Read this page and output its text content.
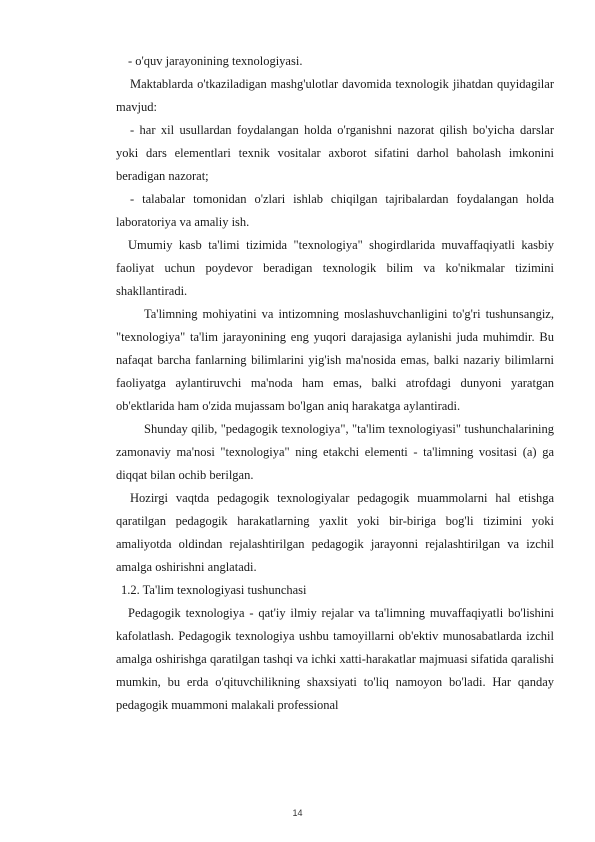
- o'quv jarayonining texnologiyasi.

Maktablarda o'tkaziladigan mashg'ulotlar davomida texnologik jihatdan quyidagilar mavjud:

- har xil usullardan foydalangan holda o'rganishni nazorat qilish bo'yicha darslar yoki dars elementlari texnik vositalar axborot sifatini darhol baholash imkonini beradigan nazorat;

- talabalar tomonidan o'zlari ishlab chiqilgan tajribalardan foydalangan holda laboratoriya va amaliy ish.

Umumiy kasb ta'limi tizimida "texnologiya" shogirdlarida muvaffaqiyatli kasbiy faoliyat uchun poydevor beradigan texnologik bilim va ko'nikmalar tizimini shakllantiradi.

Ta'limning mohiyatini va intizomning moslashuvchanligini to'g'ri tushunsangiz, "texnologiya" ta'lim jarayonining eng yuqori darajasiga aylanishi juda muhimdir. Bu nafaqat barcha fanlarning bilimlarini yig'ish ma'nosida emas, balki nazariy bilimlarni faoliyatga aylantiruvchi ma'noda ham emas, balki atrofdagi dunyoni yaratgan ob'ektlarida ham o'zida mujassam bo'lgan aniq harakatga aylantiradi.

Shunday qilib, "pedagogik texnologiya", "ta'lim texnologiyasi" tushunchalarining zamonaviy ma'nosi "texnologiya" ning etakchi elementi - ta'limning vositasi (a) ga diqqat bilan ochib berilgan.

Hozirgi vaqtda pedagogik texnologiyalar pedagogik muammolarni hal etishga qaratilgan pedagogik harakatlarning yaxlit yoki bir-biriga bog'li tizimini yoki amaliyotda oldindan rejalashtirilgan pedagogik jarayonni rejalashtirilgan va izchil amalga oshirishni anglatadi.

1.2. Ta'lim texnologiyasi tushunchasi

Pedagogik texnologiya - qat'iy ilmiy rejalar va ta'limning muvaffaqiyatli bo'lishini kafolatlash. Pedagogik texnologiya ushbu tamoyillarni ob'ektiv munosabatlarda izchil amalga oshirishga qaratilgan tashqi va ichki xatti-harakatlar majmuasi sifatida qaralishi mumkin, bu erda o'qituvchilikning shaxsiyati to'liq namoyon bo'ladi. Har qanday pedagogik muammoni malakali professional

14
